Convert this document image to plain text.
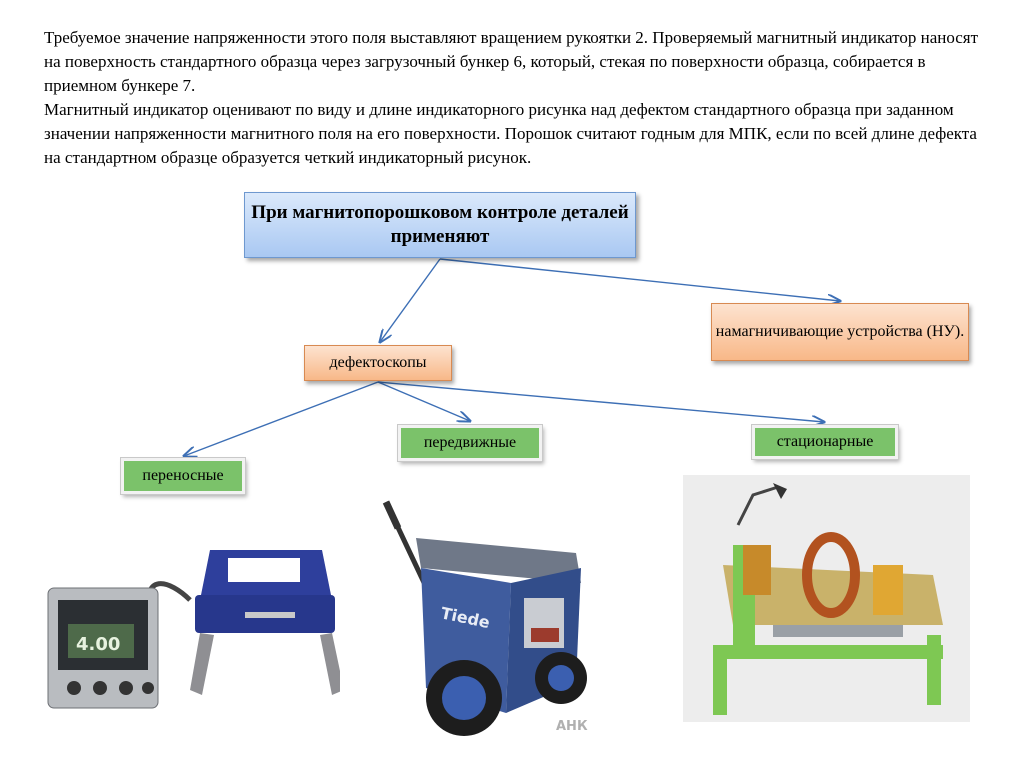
Требуемое значение напряженности этого поля выставляют вращением рукоятки 2. Проверяемый магнитный индикатор наносят на поверхность стандартного образца через загрузочный бункер 6, который, стекая по поверхности образца, собирается в приемном бункере 7.

Магнитный индикатор оценивают по виду и длине индикаторного рисунка над дефектом стандартного образца при заданном значении напряженности магнитного поля на его поверхности. Порошок считают годным для МПК, если по всей длине дефекта на стандартном образце образуется четкий индикаторный рисунок.

При магнитопорошковом контроле деталей применяют
намагничивающие устройства (НУ).
дефектоскопы
переносные
передвижные	стационарные
4.00
Tiede
АНК
